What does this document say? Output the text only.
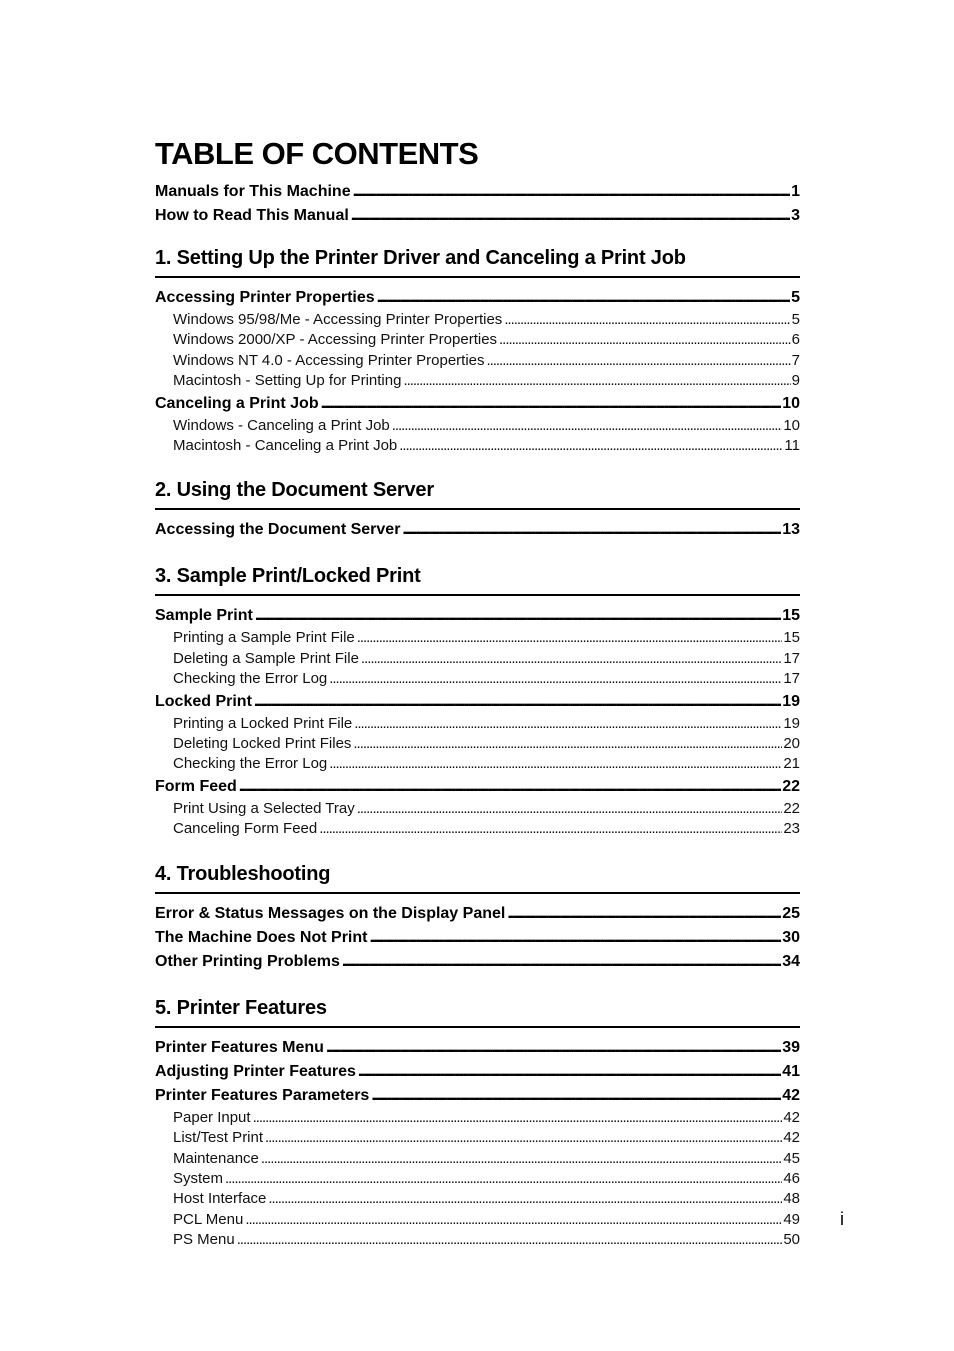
TABLE OF CONTENTS
Manuals for This Machine . . .	1
How to Read This Manual . . .	3
1. Setting Up the Printer Driver and Canceling a Print Job
Accessing Printer Properties . . .	5
Windows 95/98/Me - Accessing Printer Properties . . .	5
Windows 2000/XP - Accessing Printer Properties . . .	6
Windows NT 4.0 - Accessing Printer Properties . . .	7
Macintosh - Setting Up for Printing . . .	9
Canceling a Print Job . . .	10
Windows - Canceling a Print Job . . .	10
Macintosh - Canceling a Print Job . . .	11
2. Using the Document Server
Accessing the Document Server . . .	13
3. Sample Print/Locked Print
Sample Print . . .	15
Printing a Sample Print File . . .	15
Deleting a Sample Print File . . .	17
Checking the Error Log . . .	17
Locked Print . . .	19
Printing a Locked Print File . . .	19
Deleting Locked Print Files . . .	20
Checking the Error Log . . .	21
Form Feed . . .	22
Print Using a Selected Tray . . .	22
Canceling Form Feed . . .	23
4. Troubleshooting
Error & Status Messages on the Display Panel . . .	25
The Machine Does Not Print . . .	30
Other Printing Problems . . .	34
5. Printer Features
Printer Features Menu . . .	39
Adjusting Printer Features . . .	41
Printer Features Parameters . . .	42
Paper Input . . .	42
List/Test Print . . .	42
Maintenance . . .	45
System . . .	46
Host Interface . . .	48
PCL Menu . . .	49
PS Menu . . .	50
i
